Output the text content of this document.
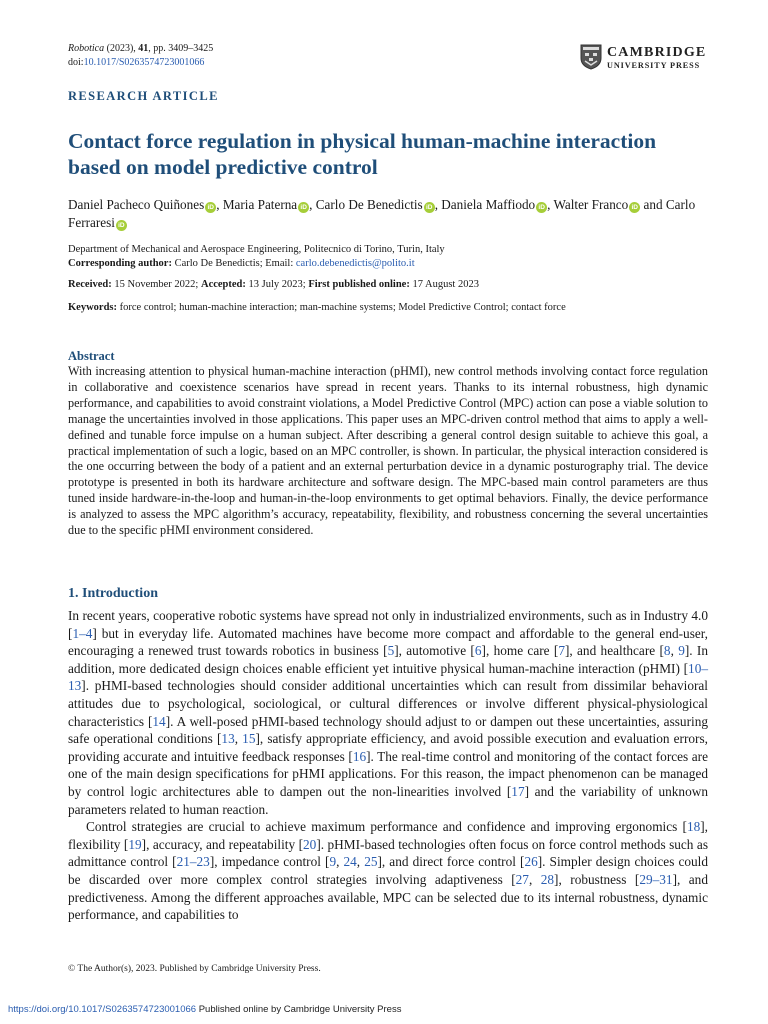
Robotica (2023), 41, pp. 3409–3425
doi:10.1017/S0263574723001066
CAMBRIDGE
UNIVERSITY PRESS
RESEARCH ARTICLE
Contact force regulation in physical human-machine interaction based on model predictive control
Daniel Pacheco Quiñones iD , Maria Paterna iD , Carlo De Benedictis iD , Daniela Maffiodo iD , Walter Franco iD and Carlo Ferraresi iD
Department of Mechanical and Aerospace Engineering, Politecnico di Torino, Turin, Italy
Corresponding author: Carlo De Benedictis; Email: carlo.debenedictis@polito.it
Received: 15 November 2022; Accepted: 13 July 2023; First published online: 17 August 2023
Keywords: force control; human-machine interaction; man-machine systems; Model Predictive Control; contact force
Abstract
With increasing attention to physical human-machine interaction (pHMI), new control methods involving contact force regulation in collaborative and coexistence scenarios have spread in recent years. Thanks to its internal robustness, high dynamic performance, and capabilities to avoid constraint violations, a Model Predictive Control (MPC) action can pose a viable solution to manage the uncertainties involved in those applications. This paper uses an MPC-driven control method that aims to apply a well-defined and tunable force impulse on a human subject. After describing a general control design suitable to achieve this goal, a practical implementation of such a logic, based on an MPC controller, is shown. In particular, the physical interaction considered is the one occurring between the body of a patient and an external perturbation device in a dynamic posturography trial. The device prototype is presented in both its hardware architecture and software design. The MPC-based main control parameters are thus tuned inside hardware-in-the-loop and human-in-the-loop environments to get optimal behaviors. Finally, the device performance is analyzed to assess the MPC algorithm’s accuracy, repeatability, flexibility, and robustness concerning the several uncertainties due to the specific pHMI environment considered.
1. Introduction

In recent years, cooperative robotic systems have spread not only in industrialized environments, such as in Industry 4.0 [1–4] but in everyday life. Automated machines have become more compact and affordable to the general end-user, encouraging a renewed trust towards robotics in business [5], automotive [6], home care [7], and healthcare [8, 9]. In addition, more dedicated design choices enable efficient yet intuitive physical human-machine interaction (pHMI) [10–13]. pHMI-based technologies should consider additional uncertainties which can result from dissimilar behavioral attitudes due to psychological, sociological, or cultural differences or involve different physical-physiological characteristics [14]. A well-posed pHMI-based technology should adjust to or dampen out these uncertainties, assuring safe operational conditions [13, 15], satisfy appropriate efficiency, and avoid possible execution and evaluation errors, providing accurate and intuitive feedback responses [16]. The real-time control and monitoring of the contact forces are one of the main design specifications for pHMI applications. For this reason, the impact phenomenon can be managed by control logic architectures able to dampen out the non-linearities involved [17] and the variability of unknown parameters related to human reaction.

Control strategies are crucial to achieve maximum performance and confidence and improving ergonomics [18], flexibility [19], accuracy, and repeatability [20]. pHMI-based technologies often focus on force control methods such as admittance control [21–23], impedance control [9, 24, 25], and direct force control [26]. Simpler design choices could be discarded over more complex control strategies involving adaptiveness [27, 28], robustness [29–31], and predictiveness. Among the different approaches available, MPC can be selected due to its internal robustness, dynamic performance, and capabilities to

© The Author(s), 2023. Published by Cambridge University Press.
https://doi.org/10.1017/S0263574723001066 Published online by Cambridge University Press
